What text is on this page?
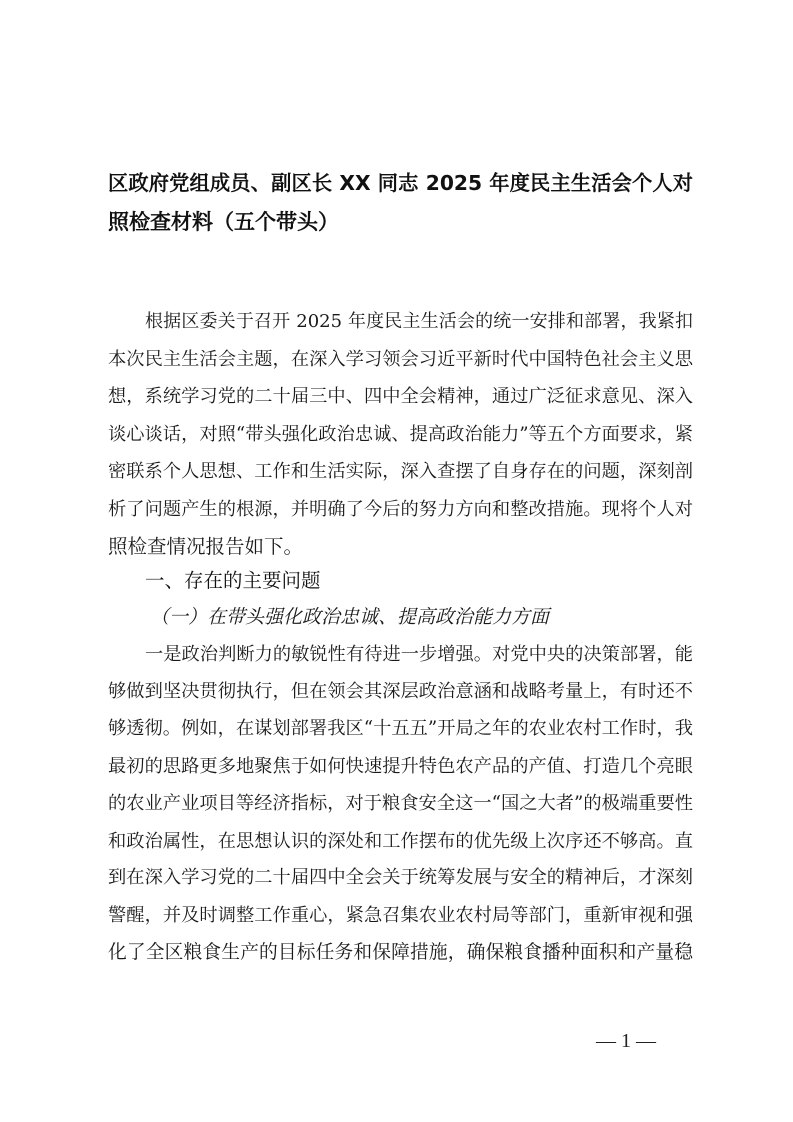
区政府党组成员、副区长 XX 同志 2025 年度民主生活会个人对
照检查材料（五个带头）
根据区委关于召开 2025 年度民主生活会的统一安排和部署，我紧扣
本次民主生活会主题，在深入学习领会习近平新时代中国特色社会主义思
想，系统学习党的二十届三中、四中全会精神，通过广泛征求意见、深入
谈心谈话，对照“带头强化政治忠诚、提高政治能力”等五个方面要求，紧
密联系个人思想、工作和生活实际，深入查摆了自身存在的问题，深刻剖
析了问题产生的根源，并明确了今后的努力方向和整改措施。现将个人对
照检查情况报告如下。
一、存在的主要问题
（一）在带头强化政治忠诚、提高政治能力方面
一是政治判断力的敏锐性有待进一步增强。对党中央的决策部署，能
够做到坚决贯彻执行，但在领会其深层政治意涵和战略考量上，有时还不
够透彻。例如，在谋划部署我区“十五五”开局之年的农业农村工作时，我
最初的思路更多地聚焦于如何快速提升特色农产品的产值、打造几个亮眼
的农业产业项目等经济指标，对于粮食安全这一“国之大者”的极端重要性
和政治属性，在思想认识的深处和工作摆布的优先级上次序还不够高。直
到在深入学习党的二十届四中全会关于统筹发展与安全的精神后，才深刻
警醒，并及时调整工作重心，紧急召集农业农村局等部门，重新审视和强
化了全区粮食生产的目标任务和保障措施，确保粮食播种面积和产量稳
— 1 —
